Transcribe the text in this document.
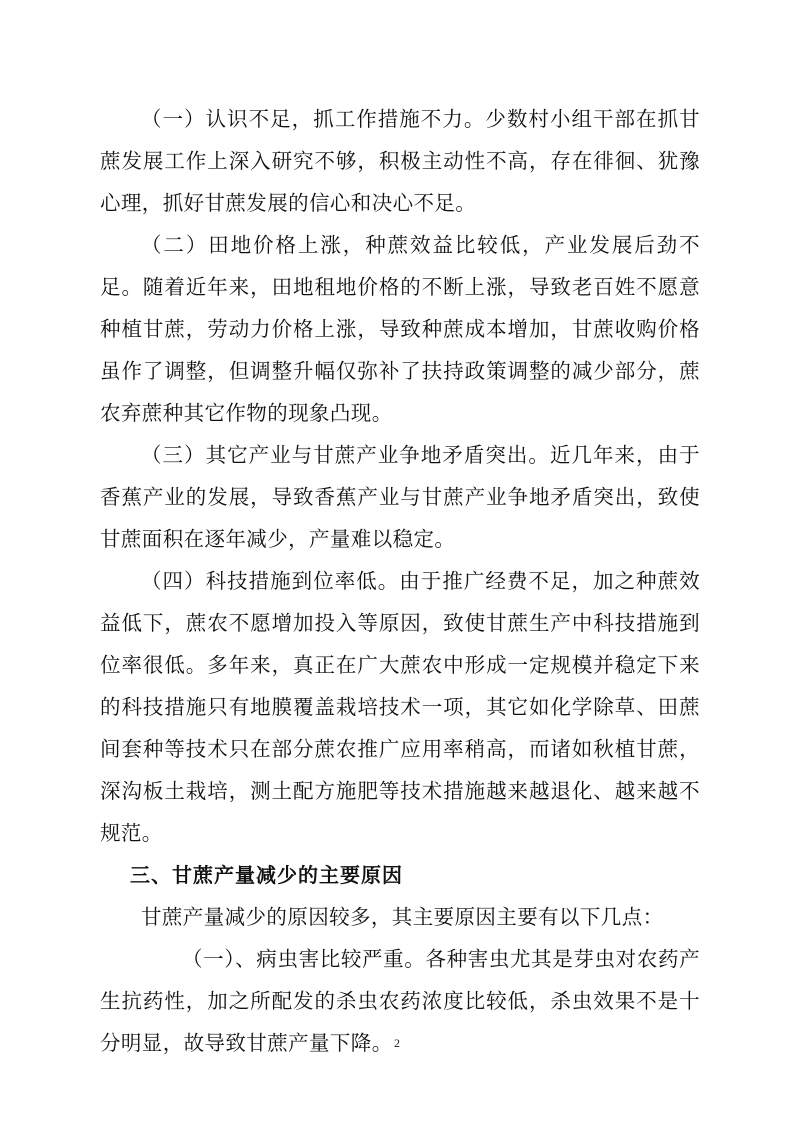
（一）认识不足，抓工作措施不力。少数村小组干部在抓甘蔗发展工作上深入研究不够，积极主动性不高，存在徘徊、犹豫心理，抓好甘蔗发展的信心和决心不足。

（二）田地价格上涨，种蔗效益比较低，产业发展后劲不足。随着近年来，田地租地价格的不断上涨，导致老百姓不愿意种植甘蔗，劳动力价格上涨，导致种蔗成本增加，甘蔗收购价格虽作了调整，但调整升幅仅弥补了扶持政策调整的减少部分，蔗农弃蔗种其它作物的现象凸现。

（三）其它产业与甘蔗产业争地矛盾突出。近几年来，由于香蕉产业的发展，导致香蕉产业与甘蔗产业争地矛盾突出，致使甘蔗面积在逐年减少，产量难以稳定。

（四）科技措施到位率低。由于推广经费不足，加之种蔗效益低下，蔗农不愿增加投入等原因，致使甘蔗生产中科技措施到位率很低。多年来，真正在广大蔗农中形成一定规模并稳定下来的科技措施只有地膜覆盖栽培技术一项，其它如化学除草、田蔗间套种等技术只在部分蔗农推广应用率稍高，而诸如秋植甘蔗，深沟板土栽培，测土配方施肥等技术措施越来越退化、越来越不规范。

三、甘蔗产量减少的主要原因

甘蔗产量减少的原因较多，其主要原因主要有以下几点：

（一）、病虫害比较严重。各种害虫尤其是芽虫对农药产生抗药性，加之所配发的杀虫农药浓度比较低，杀虫效果不是十分明显，故导致甘蔗产量下降。 2
